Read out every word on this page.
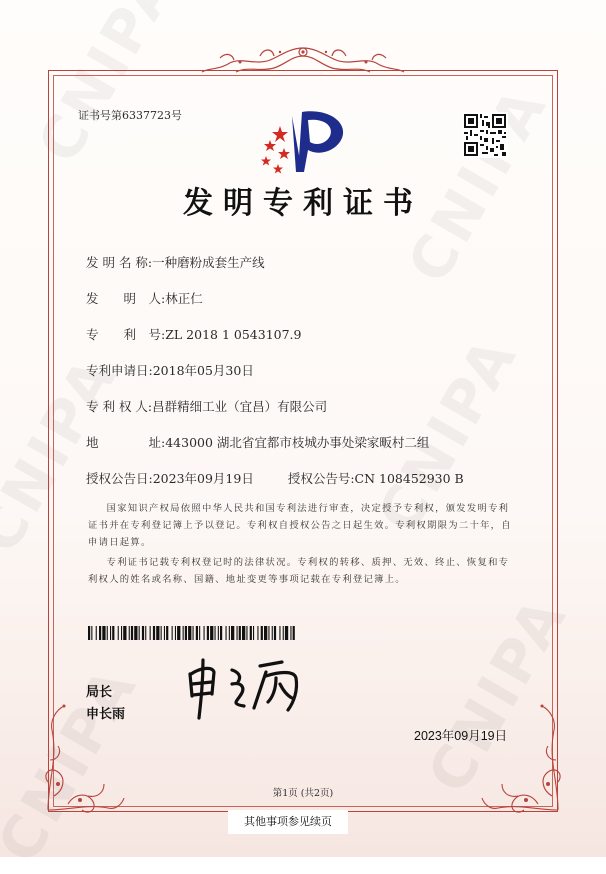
证书号第6337723号
发明专利证书
发 明 名 称:一种磨粉成套生产线
发　　明　人:林正仁
专　　利　号:ZL 2018 1 0543107.9
专利申请日:2018年05月30日
专 利 权 人:昌群精细工业（宜昌）有限公司
地　　　　址:443000 湖北省宜都市枝城办事处梁家畈村二组
授权公告日:2023年09月19日	授权公告号:CN 108452930 B
国家知识产权局依照中华人民共和国专利法进行审查，决定授予专利权，颁发发明专利证书并在专利登记簿上予以登记。专利权自授权公告之日起生效。专利权期限为二十年，自申请日起算。
专利证书记载专利权登记时的法律状况。专利权的转移、质押、无效、终止、恢复和专利权人的姓名或名称、国籍、地址变更等事项记载在专利登记簿上。
局长
申长雨
2023年09月19日
第1页 (共2页)
其他事项参见续页
